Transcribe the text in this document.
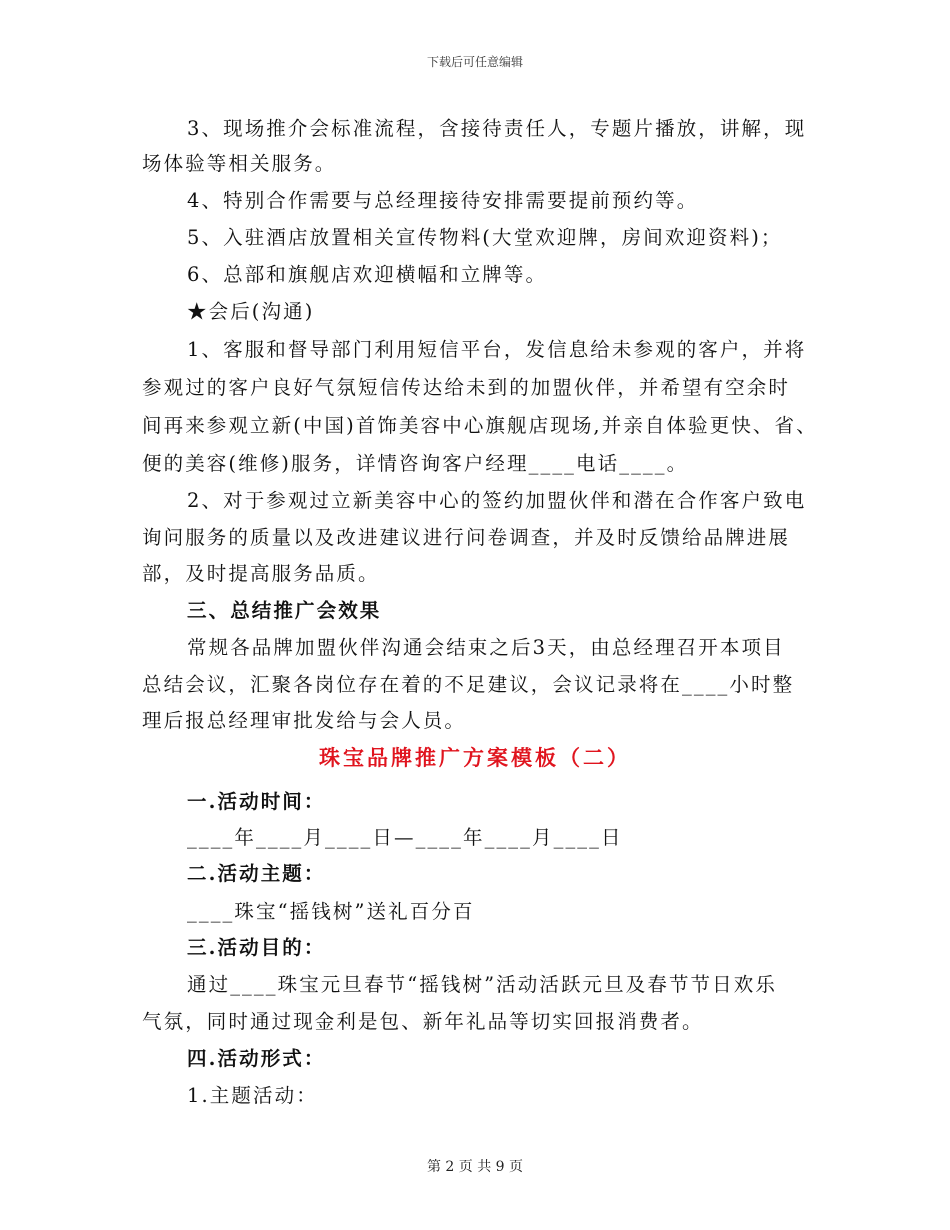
下载后可任意编辑
3、现场推介会标准流程，含接待责任人，专题片播放，讲解，现
场体验等相关服务。
4、特别合作需要与总经理接待安排需要提前预约等。
5、入驻酒店放置相关宣传物料(大堂欢迎牌，房间欢迎资料)；
6、总部和旗舰店欢迎横幅和立牌等。
★会后(沟通)
1、客服和督导部门利用短信平台，发信息给未参观的客户，并将
参观过的客户良好气氛短信传达给未到的加盟伙伴，并希望有空余时
间再来参观立新(中国)首饰美容中心旗舰店现场,并亲自体验更快、省、
便的美容(维修)服务，详情咨询客户经理____电话____。
2、对于参观过立新美容中心的签约加盟伙伴和潜在合作客户致电
询问服务的质量以及改进建议进行问卷调查，并及时反馈给品牌进展
部，及时提高服务品质。
三、总结推广会效果
常规各品牌加盟伙伴沟通会结束之后3天，由总经理召开本项目
总结会议，汇聚各岗位存在着的不足建议，会议记录将在____小时整
理后报总经理审批发给与会人员。
珠宝品牌推广方案模板（二）
一.活动时间：
____年____月____日—____年____月____日
二.活动主题：
____珠宝“摇钱树”送礼百分百
三.活动目的：
通过____珠宝元旦春节“摇钱树”活动活跃元旦及春节节日欢乐
气氛，同时通过现金利是包、新年礼品等切实回报消费者。
四.活动形式：
1.主题活动：
第 2 页 共 9 页
